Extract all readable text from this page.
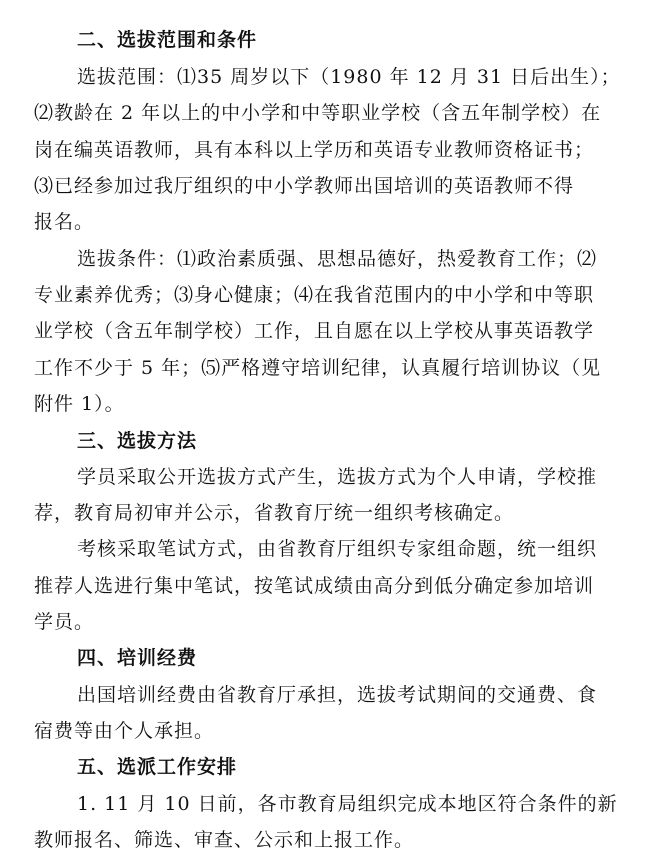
二、选拔范围和条件
选拔范围：⑴35 周岁以下（1980 年 12 月 31 日后出生）；
⑵教龄在 2 年以上的中小学和中等职业学校（含五年制学校）在
岗在编英语教师，具有本科以上学历和英语专业教师资格证书；
⑶已经参加过我厅组织的中小学教师出国培训的英语教师不得
报名。
选拔条件：⑴政治素质强、思想品德好，热爱教育工作；⑵
专业素养优秀；⑶身心健康；⑷在我省范围内的中小学和中等职
业学校（含五年制学校）工作，且自愿在以上学校从事英语教学
工作不少于 5 年；⑸严格遵守培训纪律，认真履行培训协议（见
附件 1）。
三、选拔方法
学员采取公开选拔方式产生，选拔方式为个人申请，学校推
荐，教育局初审并公示，省教育厅统一组织考核确定。
考核采取笔试方式，由省教育厅组织专家组命题，统一组织
推荐人选进行集中笔试，按笔试成绩由高分到低分确定参加培训
学员。
四、培训经费
出国培训经费由省教育厅承担，选拔考试期间的交通费、食
宿费等由个人承担。
五、选派工作安排
1. 11 月 10 日前，各市教育局组织完成本地区符合条件的新
教师报名、筛选、审查、公示和上报工作。
